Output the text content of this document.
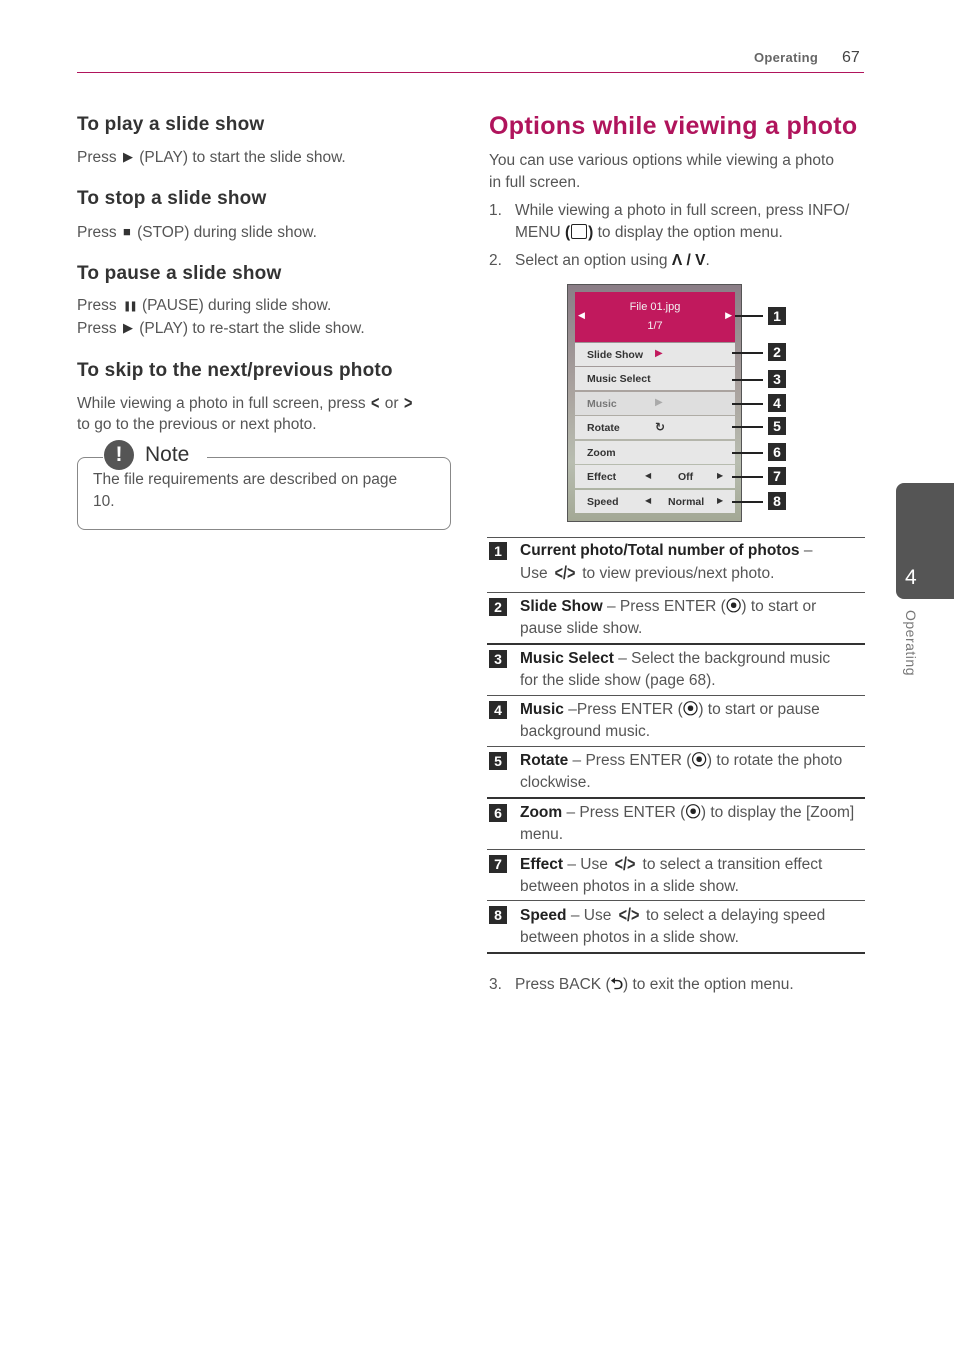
Operating 67
To play a slide show
Press ▶ (PLAY) to start the slide show.
To stop a slide show
Press ■ (STOP) during slide show.
To pause a slide show
Press ❚❚ (PAUSE) during slide show.
Press ▶ (PLAY) to re-start the slide show.
To skip to the next/previous photo
While viewing a photo in full screen, press < or >
to go to the previous or next photo.
!	Note
The file requirements are described on page
10.
Options while viewing a photo
You can use various options while viewing a photo
in full screen.
1. While viewing a photo in full screen, press INFO/
MENU ( ) to display the option menu.
2. Select an option using Λ / V.
◀	▶
File 01.jpg
1/7
Slide Show ▶
Music Select
Music	▶
Rotate	↻
Zoom
Effect	◀	Off	▶
Speed	◀ Normal ▶
1
2
3
4
5
6
7
8
1	Current photo/Total number of photos –
Use </> to view previous/next photo.
2	Slide Show – Press ENTER (⦿) to start or
pause slide show.
3	Music Select – Select the background music
for the slide show (page 68).
4	Music –Press ENTER (⦿) to start or pause
background music.
5	Rotate – Press ENTER (⦿) to rotate the photo
clockwise.
6	Zoom – Press ENTER (⦿) to display the [Zoom]
menu.
7	Effect – Use </> to select a transition effect
between photos in a slide show.
8	Speed – Use </> to select a delaying speed
between photos in a slide show.
3. Press BACK (⮌) to exit the option menu.
4
Operating
